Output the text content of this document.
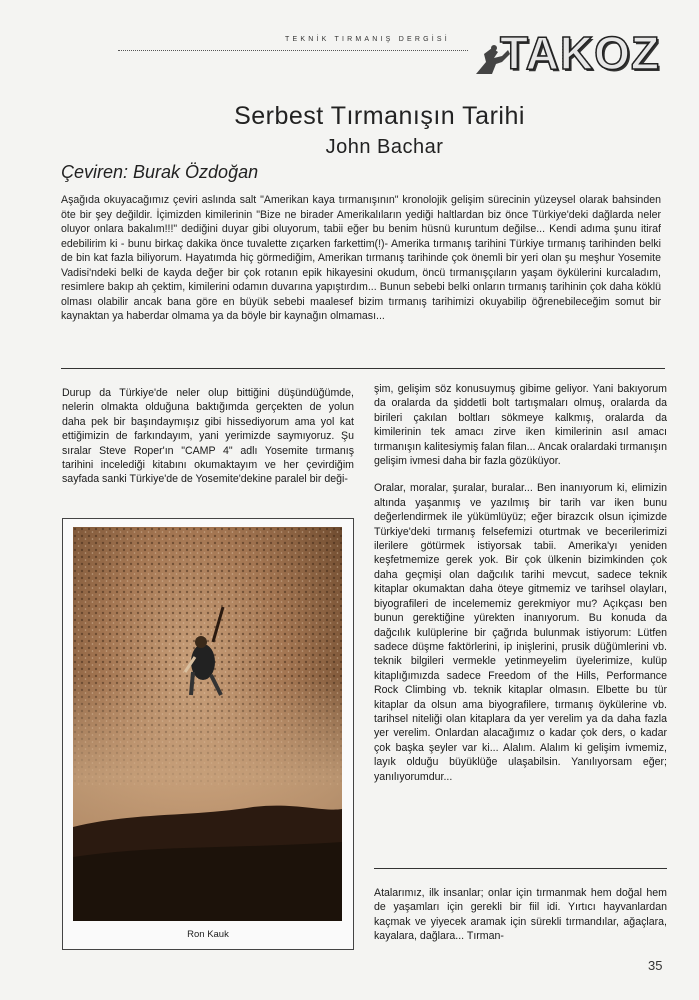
TEKNİK TIRMANIŞ DERGİSİ TAKOZ
Serbest Tırmanışın Tarihi
John Bachar
Çeviren: Burak Özdoğan
Aşağıda okuyacağımız çeviri aslında salt "Amerikan kaya tırmanışının" kronolojik gelişim sürecinin yüzeysel olarak bahsinden öte bir şey değildir. İçimizden kimilerinin "Bize ne birader Amerikalıların yediği haltlardan biz önce Türkiye'deki dağlarda neler oluyor onlara bakalım!!!" dediğini duyar gibi oluyorum, tabii eğer bu benim hüsnü kuruntum değilse... Kendi adıma şunu itiraf edebilirim ki - bunu birkaç dakika önce tuvalette zıçarken farkettim(!)- Amerika tırmanış tarihini Türkiye tırmanış tarihinden belki de bin kat fazla biliyorum. Hayatımda hiç görmediğim, Amerikan tırmanış tarihinde çok önemli bir yeri olan şu meşhur Yosemite Vadisi'ndeki belki de kayda değer bir çok rotanın epik hikayesini okudum, öncü tırmanışçıların yaşam öykülerini kurcaladım, resimlere bakıp ah çektim, kimilerini odamın duvarına yapıştırdım... Bunun sebebi belki onların tırmanış tarihinin çok daha köklü olması olabilir ancak bana göre en büyük sebebi maalesef bizim tırmanış tarihimizi okuyabilip öğrenebileceğim somut bir kaynaktan ya haberdar olmama ya da böyle bir kaynağın olmaması...

Durup da Türkiye'de neler olup bittiğini düşündüğümde, nelerin olmakta olduğuna baktığımda gerçekten de yolun daha pek bir başındaymışız gibi hissediyorum ama yol kat ettiğimizin de farkındayım, yani yerimizde saymıyoruz. Şu sıralar Steve Roper'ın "CAMP 4" adlı Yosemite tırmanış tarihini incelediği kitabını okumaktayım ve her çevirdiğim sayfada sanki Türkiye'de de Yosemite'dekine paralel bir deği-

Ron Kauk

şim, gelişim söz konusuymuş gibime geliyor. Yani bakıyorum da oralarda da şiddetli bolt tartışmaları olmuş, oralarda da birileri çakılan boltları sökmeye kalkmış, oralarda da kimilerinin tek amacı zirve iken kimilerinin asıl amacı tırmanışın kalitesiymiş falan filan... Ancak oralardaki tırmanışın gelişim ivmesi daha bir fazla gözüküyor.

Oralar, moralar, şuralar, buralar... Ben inanıyorum ki, elimizin altında yaşanmış ve yazılmış bir tarih var iken bunu değerlendirmek ile yükümlüyüz; eğer birazcık olsun içimizde Türkiye'deki tırmanış felsefemizi oturtmak ve becerilerimizi ilerilere götürmek istiyorsak tabii. Amerika'yı yeniden keşfetmemize gerek yok. Bir çok ülkenin bizimkinden çok daha geçmişi olan dağcılık tarihi mevcut, sadece teknik kitaplar okumaktan daha öteye gitmemiz ve tarihsel olayları, biyografileri de incelememiz gerekmiyor mu? Açıkçası ben bunun gerektiğine yürekten inanıyorum. Bu konuda da dağcılık kulüplerine bir çağrıda bulunmak istiyorum: Lütfen sadece düşme faktörlerini, ip inişlerini, prusik düğümlerini vb. teknik bilgileri vermekle yetinmeyelim üyelerimize, kulüp kitaplığımızda sadece Freedom of the Hills, Performance Rock Climbing vb. teknik kitaplar olmasın. Elbette bu tür kitaplar da olsun ama biyografilere, tırmanış öykülerine vb. tarihsel niteliği olan kitaplara da yer verelim ya da daha fazla yer verelim. Onlardan alacağımız o kadar çok ders, o kadar çok başka şeyler var ki... Alalım. Alalım ki gelişim ivmemiz, layık olduğu büyüklüğe ulaşabilsin. Yanılıyorsam eğer; yanılıyorumdur...

Atalarımız, ilk insanlar; onlar için tırmanmak hem doğal hem de yaşamları için gerekli bir fiil idi. Yırtıcı hayvanlardan kaçmak ve yiyecek aramak için sürekli tırmandılar, ağaçlara, kayalara, dağlara... Tırman-

35
